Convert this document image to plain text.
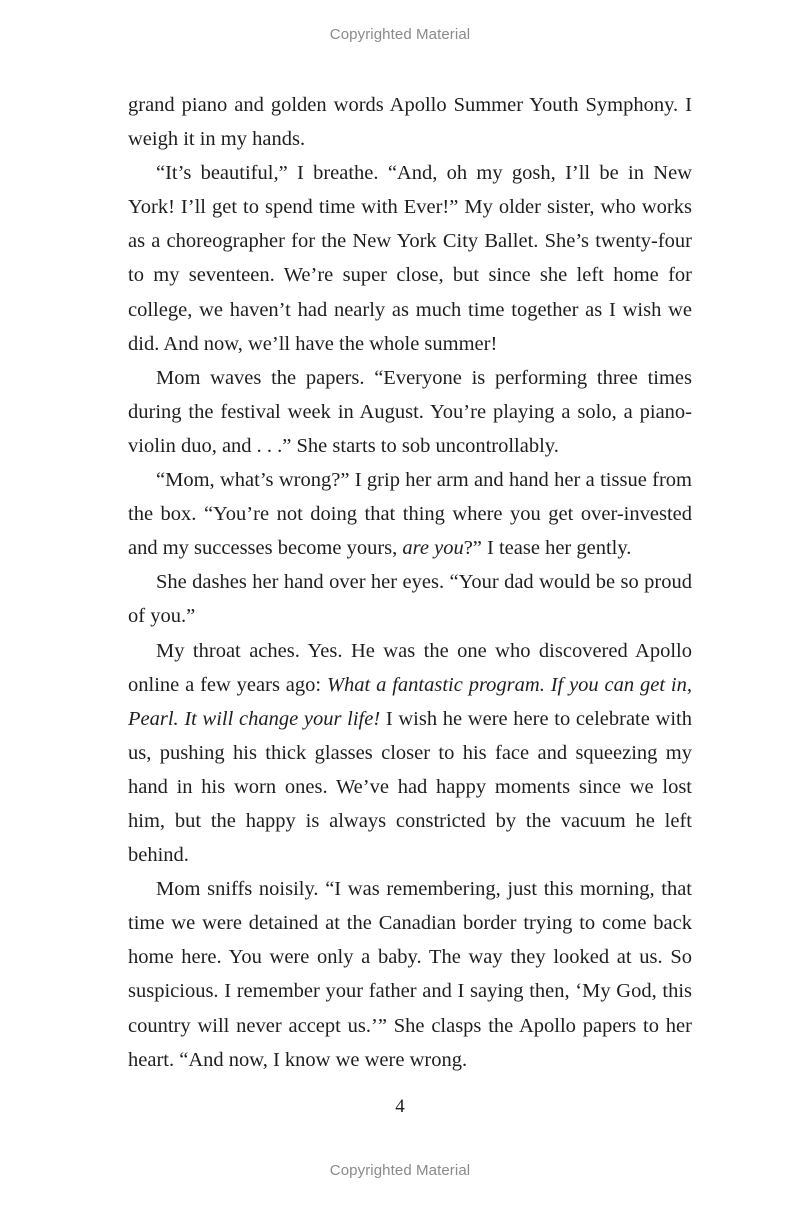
Copyrighted Material

grand piano and golden words Apollo Summer Youth Symphony. I weigh it in my hands.

“It’s beautiful,” I breathe. “And, oh my gosh, I’ll be in New York! I’ll get to spend time with Ever!” My older sister, who works as a choreographer for the New York City Ballet. She’s twenty-four to my seventeen. We’re super close, but since she left home for college, we haven’t had nearly as much time together as I wish we did. And now, we’ll have the whole summer!

Mom waves the papers. “Everyone is performing three times during the festival week in August. You’re playing a solo, a piano-violin duo, and . . .” She starts to sob uncontrollably.

“Mom, what’s wrong?” I grip her arm and hand her a tissue from the box. “You’re not doing that thing where you get over-invested and my successes become yours, are you?” I tease her gently.

She dashes her hand over her eyes. “Your dad would be so proud of you.”

My throat aches. Yes. He was the one who discovered Apollo online a few years ago: What a fantastic program. If you can get in, Pearl. It will change your life! I wish he were here to celebrate with us, pushing his thick glasses closer to his face and squeezing my hand in his worn ones. We’ve had happy moments since we lost him, but the happy is always constricted by the vacuum he left behind.

Mom sniffs noisily. “I was remembering, just this morning, that time we were detained at the Canadian border trying to come back home here. You were only a baby. The way they looked at us. So suspicious. I remember your father and I saying then, ‘My God, this country will never accept us.’” She clasps the Apollo papers to her heart. “And now, I know we were wrong.

4
Copyrighted Material
